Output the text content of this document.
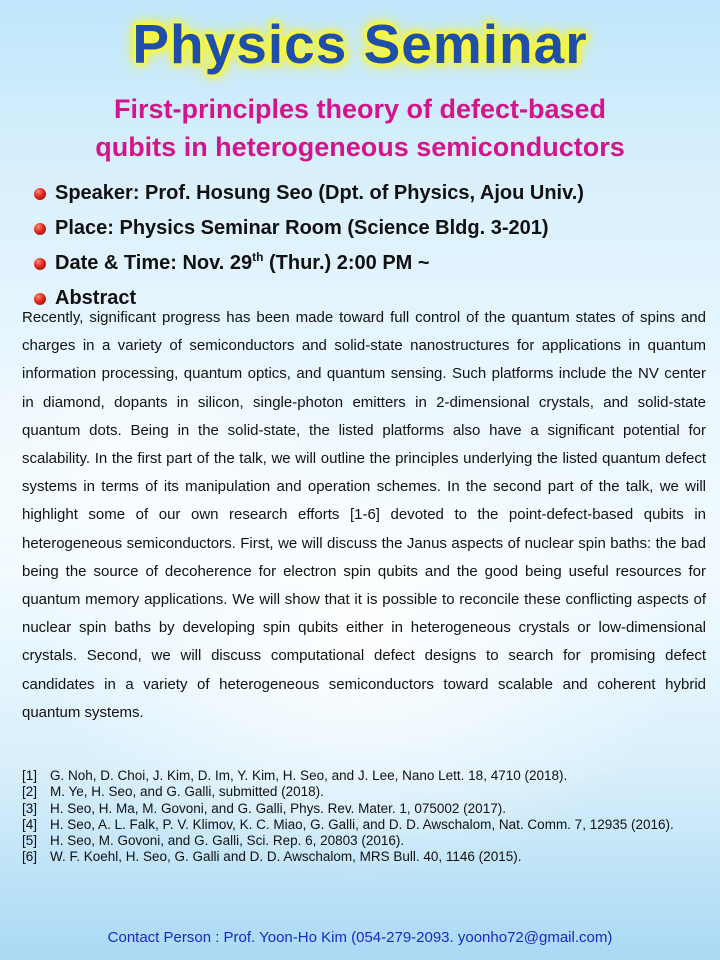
Physics Seminar
First-principles theory of defect-based
qubits in heterogeneous semiconductors
Speaker: Prof. Hosung Seo (Dpt. of Physics, Ajou Univ.)
Place: Physics Seminar Room (Science Bldg. 3-201)
Date & Time: Nov. 29th (Thur.) 2:00 PM ~
Abstract

Recently, significant progress has been made toward full control of the quantum states of spins and charges in a variety of semiconductors and solid-state nanostructures for applications in quantum information processing, quantum optics, and quantum sensing. Such platforms include the NV center in diamond, dopants in silicon, single-photon emitters in 2-dimensional crystals, and solid-state quantum dots. Being in the solid-state, the listed platforms also have a significant potential for scalability. In the first part of the talk, we will outline the principles underlying the listed quantum defect systems in terms of its manipulation and operation schemes. In the second part of the talk, we will highlight some of our own research efforts [1-6] devoted to the point-defect-based qubits in heterogeneous semiconductors. First, we will discuss the Janus aspects of nuclear spin baths: the bad being the source of decoherence for electron spin qubits and the good being useful resources for quantum memory applications. We will show that it is possible to reconcile these conflicting aspects of nuclear spin baths by developing spin qubits either in heterogeneous crystals or low-dimensional crystals. Second, we will discuss computational defect designs to search for promising defect candidates in a variety of heterogeneous semiconductors toward scalable and coherent hybrid quantum systems.

[1] G. Noh, D. Choi, J. Kim, D. Im, Y. Kim, H. Seo, and J. Lee, Nano Lett. 18, 4710 (2018).
[2] M. Ye, H. Seo, and G. Galli, submitted (2018).
[3] H. Seo, H. Ma, M. Govoni, and G. Galli, Phys. Rev. Mater. 1, 075002 (2017).
[4] H. Seo, A. L. Falk, P. V. Klimov, K. C. Miao, G. Galli, and D. D. Awschalom, Nat. Comm. 7, 12935 (2016).
[5] H. Seo, M. Govoni, and G. Galli, Sci. Rep. 6, 20803 (2016).
[6] W. F. Koehl, H. Seo, G. Galli and D. D. Awschalom, MRS Bull. 40, 1146 (2015).
Contact Person : Prof. Yoon-Ho Kim (054-279-2093. yoonho72@gmail.com)
